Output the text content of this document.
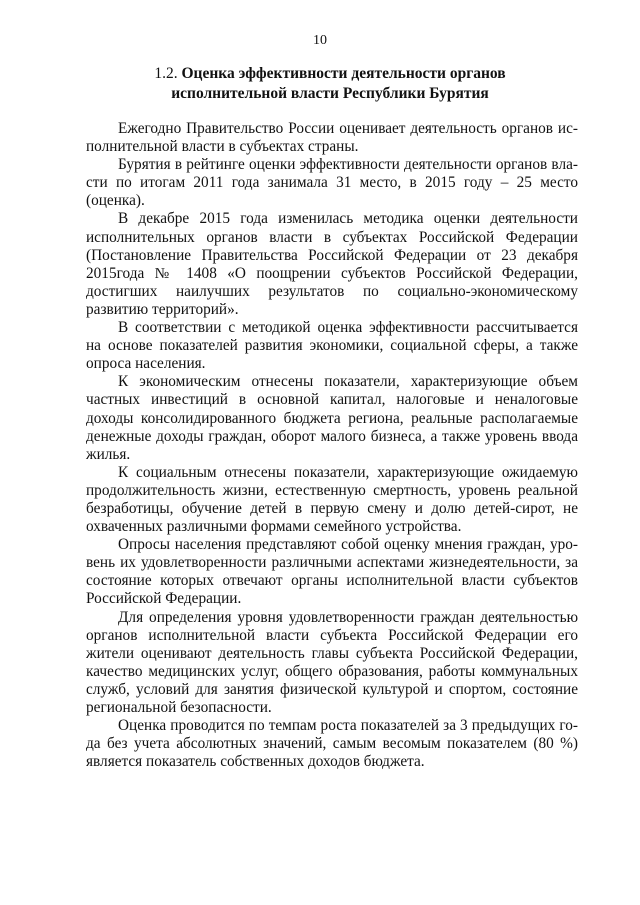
10
1.2. Оценка эффективности деятельности органов
исполнительной власти Республики Бурятия

Ежегодно Правительство России оценивает деятельность органов исполнительной власти в субъектах страны.

Бурятия в рейтинге оценки эффективности деятельности органов власти по итогам 2011 года занимала 31 место, в 2015 году – 25 место (оценка).

В декабре 2015 года изменилась методика оценки деятельности исполнительных органов власти в субъектах Российской Федерации (Постановление Правительства Российской Федерации от 23 декабря 2015года № 1408 «О поощрении субъектов Российской Федерации, достигших наилучших результатов по социально-экономическому развитию территорий».

В соответствии с методикой оценка эффективности рассчитывается на основе показателей развития экономики, социальной сферы, а также опроса населения.

К экономическим отнесены показатели, характеризующие объем частных инвестиций в основной капитал, налоговые и неналоговые доходы консолидированного бюджета региона, реальные располагаемые денежные доходы граждан, оборот малого бизнеса, а также уровень ввода жилья.

К социальным отнесены показатели, характеризующие ожидаемую продолжительность жизни, естественную смертность, уровень реальной безработицы, обучение детей в первую смену и долю детей-сирот, не охваченных различными формами семейного устройства.

Опросы населения представляют собой оценку мнения граждан, уровень их удовлетворенности различными аспектами жизнедеятельности, за состояние которых отвечают органы исполнительной власти субъектов Российской Федерации.

Для определения уровня удовлетворенности граждан деятельностью органов исполнительной власти субъекта Российской Федерации его жители оценивают деятельность главы субъекта Российской Федерации, качество медицинских услуг, общего образования, работы коммунальных служб, условий для занятия физической культурой и спортом, состояние региональной безопасности.

Оценка проводится по темпам роста показателей за 3 предыдущих года без учета абсолютных значений, самым весомым показателем (80 %) является показатель собственных доходов бюджета.
